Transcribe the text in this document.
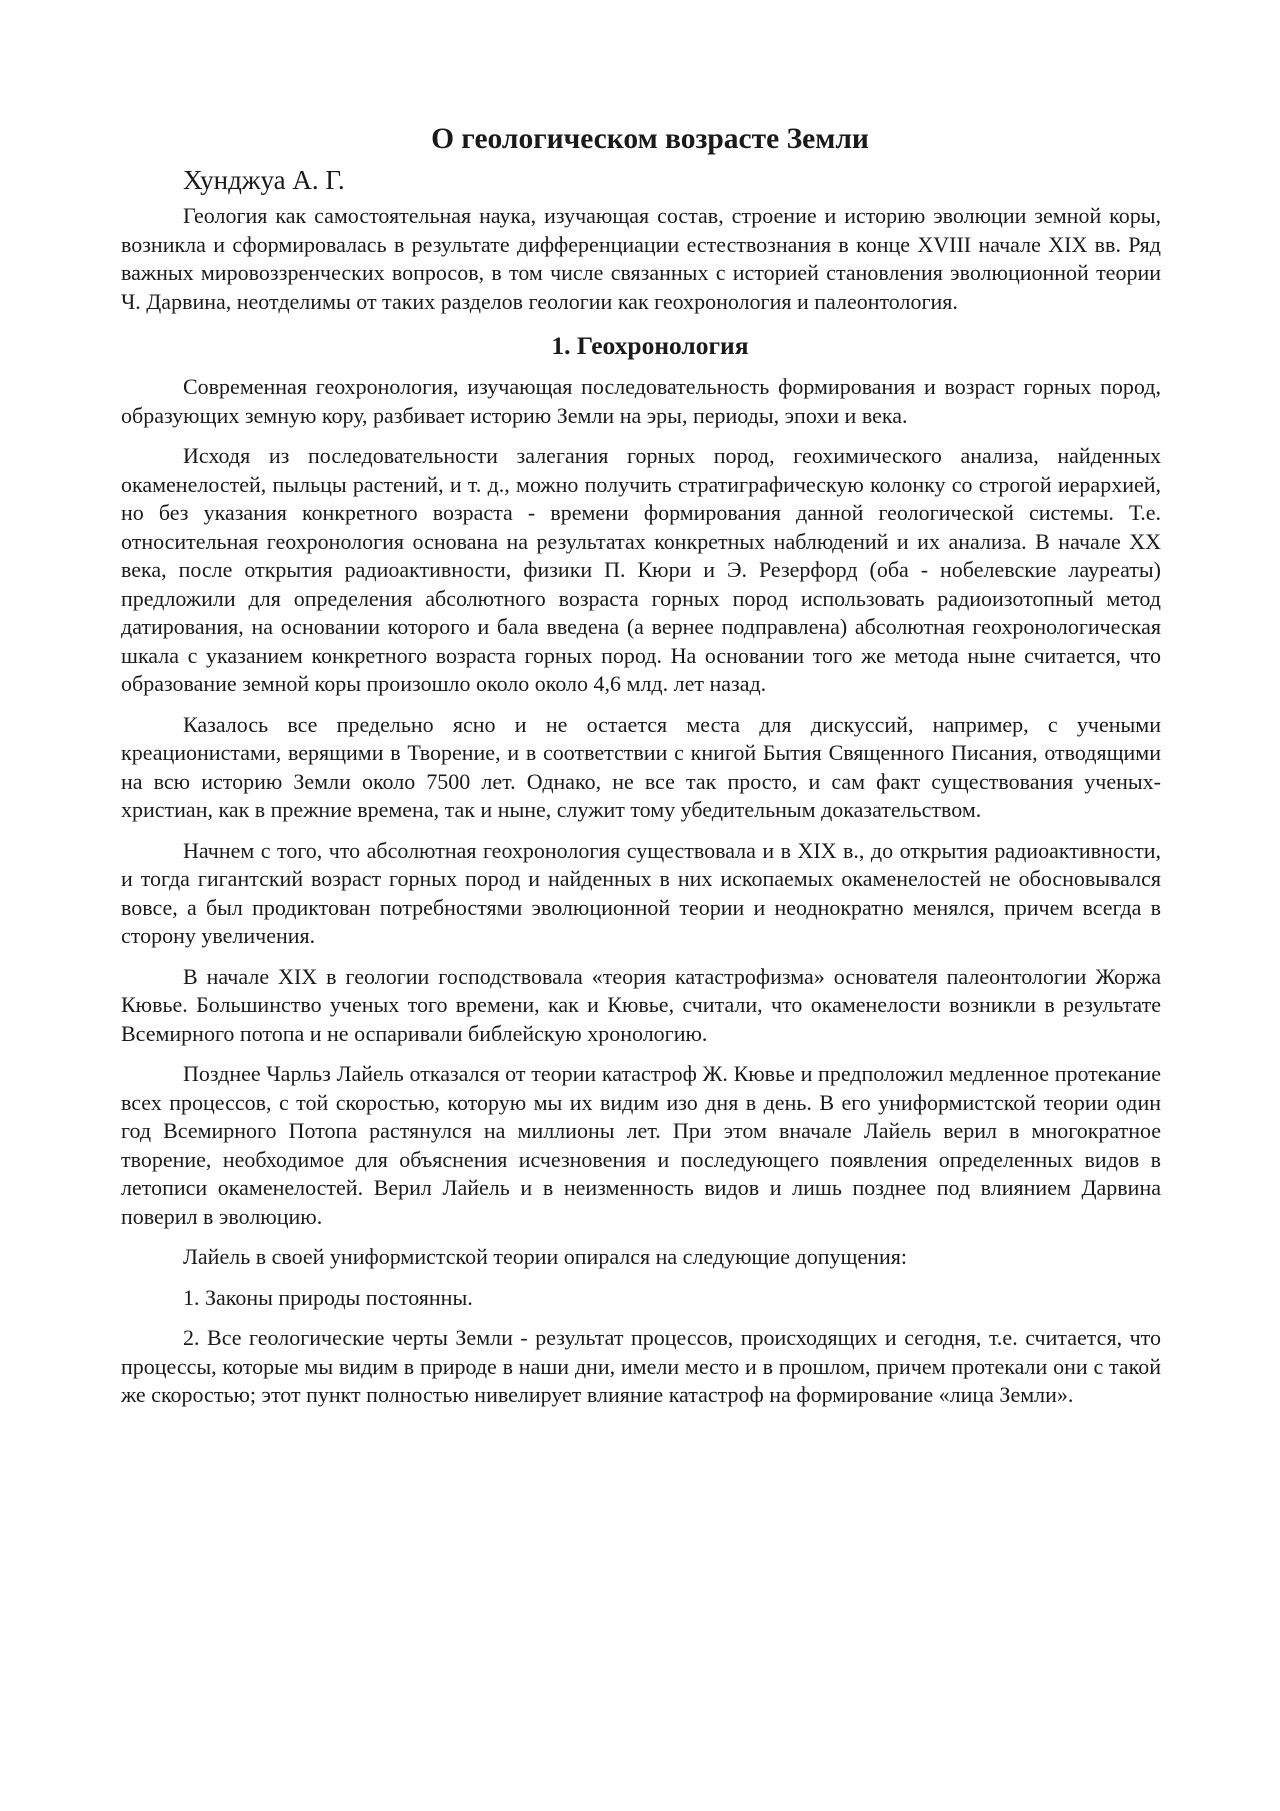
О геологическом возрасте Земли
Хунджуа А. Г.

Геология как самостоятельная наука, изучающая состав, строение и историю эволюции земной коры, возникла и сформировалась в результате дифференциации естествознания в конце XVIII начале XIX вв. Ряд важных мировоззренческих вопросов, в том числе связанных с историей становления эволюционной теории Ч. Дарвина, неотделимы от таких разделов геологии как геохронология и палеонтология.

1. Геохронология

Современная геохронология, изучающая последовательность формирования и возраст горных пород, образующих земную кору, разбивает историю Земли на эры, периоды, эпохи и века.

Исходя из последовательности залегания горных пород, геохимического анализа, найденных окаменелостей, пыльцы растений, и т. д., можно получить стратиграфическую колонку со строгой иерархией, но без указания конкретного возраста - времени формирования данной геологической системы. Т.е. относительная геохронология основана на результатах конкретных наблюдений и их анализа. В начале XX века, после открытия радиоактивности, физики П. Кюри и Э. Резерфорд (оба - нобелевские лауреаты) предложили для определения абсолютного возраста горных пород использовать радиоизотопный метод датирования, на основании которого и бала введена (а вернее подправлена) абсолютная геохронологическая шкала с указанием конкретного возраста горных пород. На основании того же метода ныне считается, что образование земной коры произошло около около 4,6 млд. лет назад.

Казалось все предельно ясно и не остается места для дискуссий, например, с учеными креационистами, верящими в Творение, и в соответствии с книгой Бытия Священного Писания, отводящими на всю историю Земли около 7500 лет. Однако, не все так просто, и сам факт существования ученых-христиан, как в прежние времена, так и ныне, служит тому убедительным доказательством.

Начнем с того, что абсолютная геохронология существовала и в XIX в., до открытия радиоактивности, и тогда гигантский возраст горных пород и найденных в них ископаемых окаменелостей не обосновывался вовсе, а был продиктован потребностями эволюционной теории и неоднократно менялся, причем всегда в сторону увеличения.

В начале XIX в геологии господствовала «теория катастрофизма» основателя палеонтологии Жоржа Кювье. Большинство ученых того времени, как и Кювье, считали, что окаменелости возникли в результате Всемирного потопа и не оспаривали библейскую хронологию.

Позднее Чарльз Лайель отказался от теории катастроф Ж. Кювье и предположил медленное протекание всех процессов, с той скоростью, которую мы их видим изо дня в день. В его униформистской теории один год Всемирного Потопа растянулся на миллионы лет. При этом вначале Лайель верил в многократное творение, необходимое для объяснения исчезновения и последующего появления определенных видов в летописи окаменелостей. Верил Лайель и в неизменность видов и лишь позднее под влиянием Дарвина поверил в эволюцию.

Лайель в своей униформистской теории опирался на следующие допущения:

1. Законы природы постоянны.

2. Все геологические черты Земли - результат процессов, происходящих и сегодня, т.е. считается, что процессы, которые мы видим в природе в наши дни, имели место и в прошлом, причем протекали они с такой же скоростью; этот пункт полностью нивелирует влияние катастроф на формирование «лица Земли».
